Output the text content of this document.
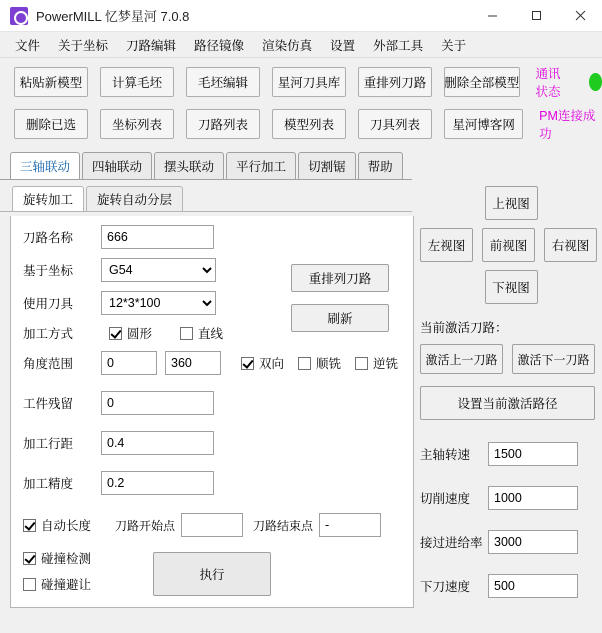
PowerMILL 忆梦星河 7.0.8
文件	关于坐标	刀路编辑	路径镜像	渲染仿真	设置	外部工具	关于
粘贴新模型	计算毛坯	毛坯编辑	星河刀具库	重排列刀路	删除全部模型
通讯状态
删除已选	坐标列表	刀路列表	模型列表	刀具列表	星河博客网
PM连接成功
三轴联动	四轴联动	摆头联动	平行加工	切割锯	帮助
旋转加工	旋转自动分层
刀路名称
666
基于坐标
G54
使用刀具
12*3*100
加工方式	圆形	直线
角度范围
0
360	双向	顺铣	逆铣
工件残留
0
加工行距
0.4
加工精度
0.2
自动长度 刀路开始点	刀路结束点
-
碰撞检测
碰撞避让
重排列刀路
刷新
执行
上视图
左视图	前视图	右视图
下视图
当前激活刀路：
激活上一刀路	激活下一刀路
设置当前激活路径
主轴转速
1500
切削速度
1000
接过进给率
3000
下刀速度
500
